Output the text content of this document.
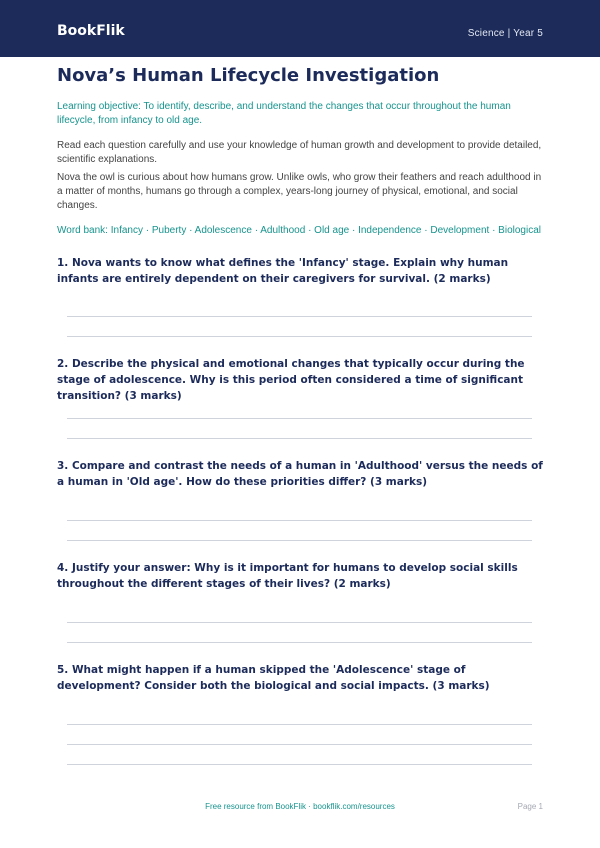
BookFlik	Science | Year 5
Nova’s Human Lifecycle Investigation

Learning objective: To identify, describe, and understand the changes that occur throughout the human lifecycle, from infancy to old age.

Read each question carefully and use your knowledge of human growth and development to provide detailed, scientific explanations.

Nova the owl is curious about how humans grow. Unlike owls, who grow their feathers and reach adulthood in a matter of months, humans go through a complex, years-long journey of physical, emotional, and social changes.

Word bank: Infancy · Puberty · Adolescence · Adulthood · Old age · Independence · Development · Biological

1. Nova wants to know what defines the 'Infancy' stage. Explain why human infants are entirely dependent on their caregivers for survival. (2 marks)

2. Describe the physical and emotional changes that typically occur during the stage of adolescence. Why is this period often considered a time of significant transition? (3 marks)

3. Compare and contrast the needs of a human in 'Adulthood' versus the needs of a human in 'Old age'. How do these priorities differ? (3 marks)

4. Justify your answer: Why is it important for humans to develop social skills throughout the different stages of their lives? (2 marks)

5. What might happen if a human skipped the 'Adolescence' stage of development? Consider both the biological and social impacts. (3 marks)

Free resource from BookFlik · bookflik.com/resources	Page 1
